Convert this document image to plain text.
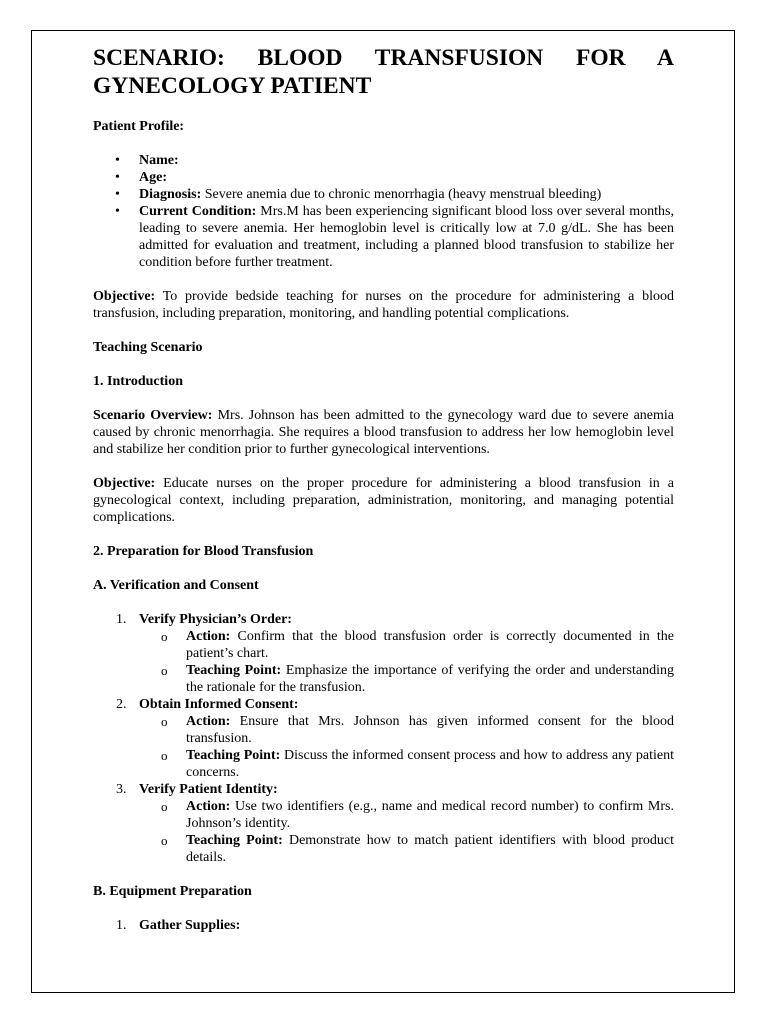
SCENARIO: BLOOD TRANSFUSION FOR A GYNECOLOGY PATIENT

Patient Profile:

• Name:
• Age:
• Diagnosis: Severe anemia due to chronic menorrhagia (heavy menstrual bleeding)
• Current Condition: Mrs.M has been experiencing significant blood loss over several months, leading to severe anemia. Her hemoglobin level is critically low at 7.0 g/dL. She has been admitted for evaluation and treatment, including a planned blood transfusion to stabilize her condition before further treatment.

Objective: To provide bedside teaching for nurses on the procedure for administering a blood transfusion, including preparation, monitoring, and handling potential complications.

Teaching Scenario

1. Introduction

Scenario Overview: Mrs. Johnson has been admitted to the gynecology ward due to severe anemia caused by chronic menorrhagia. She requires a blood transfusion to address her low hemoglobin level and stabilize her condition prior to further gynecological interventions.

Objective: Educate nurses on the proper procedure for administering a blood transfusion in a gynecological context, including preparation, administration, monitoring, and managing potential complications.

2. Preparation for Blood Transfusion

A. Verification and Consent

1. Verify Physician’s Order:
o Action: Confirm that the blood transfusion order is correctly documented in the patient’s chart.
o Teaching Point: Emphasize the importance of verifying the order and understanding the rationale for the transfusion.
2. Obtain Informed Consent:
o Action: Ensure that Mrs. Johnson has given informed consent for the blood transfusion.
o Teaching Point: Discuss the informed consent process and how to address any patient concerns.
3. Verify Patient Identity:
o Action: Use two identifiers (e.g., name and medical record number) to confirm Mrs. Johnson’s identity.
o Teaching Point: Demonstrate how to match patient identifiers with blood product details.

B. Equipment Preparation

1. Gather Supplies:
